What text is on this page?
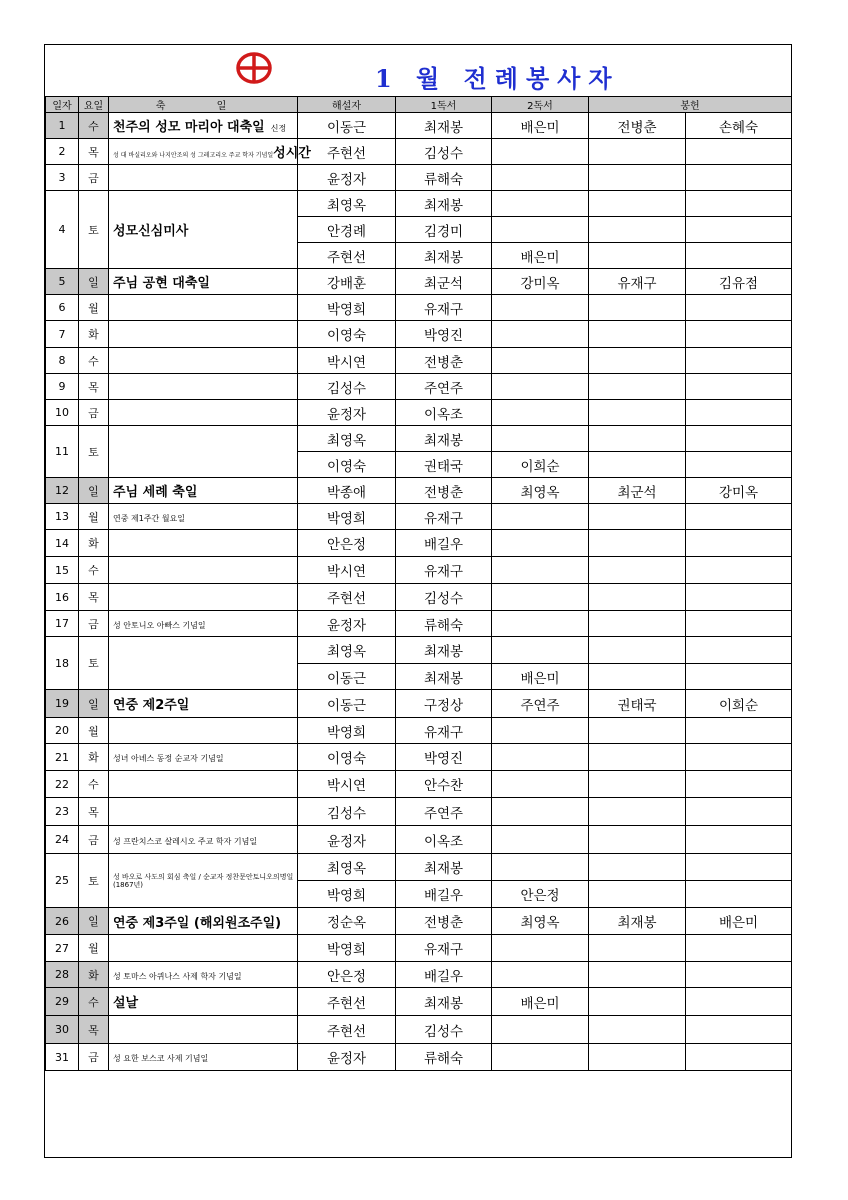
1 월 전례봉사자
일자	요일	축 일	해설자	1독서	2독서	봉헌	
1	수	천주의 성모 마리아 대축일 신정	이동근	최재봉	배은미	전병춘	손혜숙
2	목	성 대 바실리오와 나지안조의 성 그레고리오 주교 학자 기념일성시간	주현선	김성수			
3	금		윤정자	류해숙			
4	토	성모신심미사	최영옥	최재봉			
			안경례	김경미			
			주현선	최재봉	배은미		
5	일	주님 공현 대축일	강배훈	최군석	강미옥	유재구	김유점
6	월		박영희	유재구			
7	화		이영숙	박영진			
8	수		박시연	전병춘			
9	목		김성수	주연주			
10	금		윤정자	이옥조			
11	토		최영옥	최재봉			
			이영숙	권태국	이희순		
12	일	주님 세례 축일	박종애	전병춘	최영옥	최군석	강미옥
13	월	연중 제1주간 월요일	박영희	유재구			
14	화		안은정	배길우			
15	수		박시연	유재구			
16	목		주현선	김성수			
17	금	성 안토니오 아빠스 기념일	윤정자	류해숙			
18	토		최영옥	최재봉			
			이동근	최재봉	배은미		
19	일	연중 제2주일	이동근	구정상	주연주	권태국	이희순
20	월		박영희	유재구			
21	화	성녀 아녜스 동정 순교자 기념일	이영숙	박영진			
22	수		박시연	안수찬			
23	목		김성수	주연주			
24	금	성 프란치스코 살레시오 주교 학자 기념일	윤정자	이옥조			
25	토	성 바오로 사도의 회심 축일 / 순교자 정찬문안토니오의명일(1867년)	최영옥	최재봉			
			박영희	배길우	안은정		
26	일	연중 제3주일 (해외원조주일)	정순옥	전병춘	최영옥	최재봉	배은미
27	월		박영희	유재구			
28	화	성 토마스 아퀴나스 사제 학자 기념일	안은정	배길우			
29	수	설날	주현선	최재봉	배은미		
30	목		주현선	김성수			
31	금	성 요한 보스코 사제 기념일	윤정자	류해숙			
